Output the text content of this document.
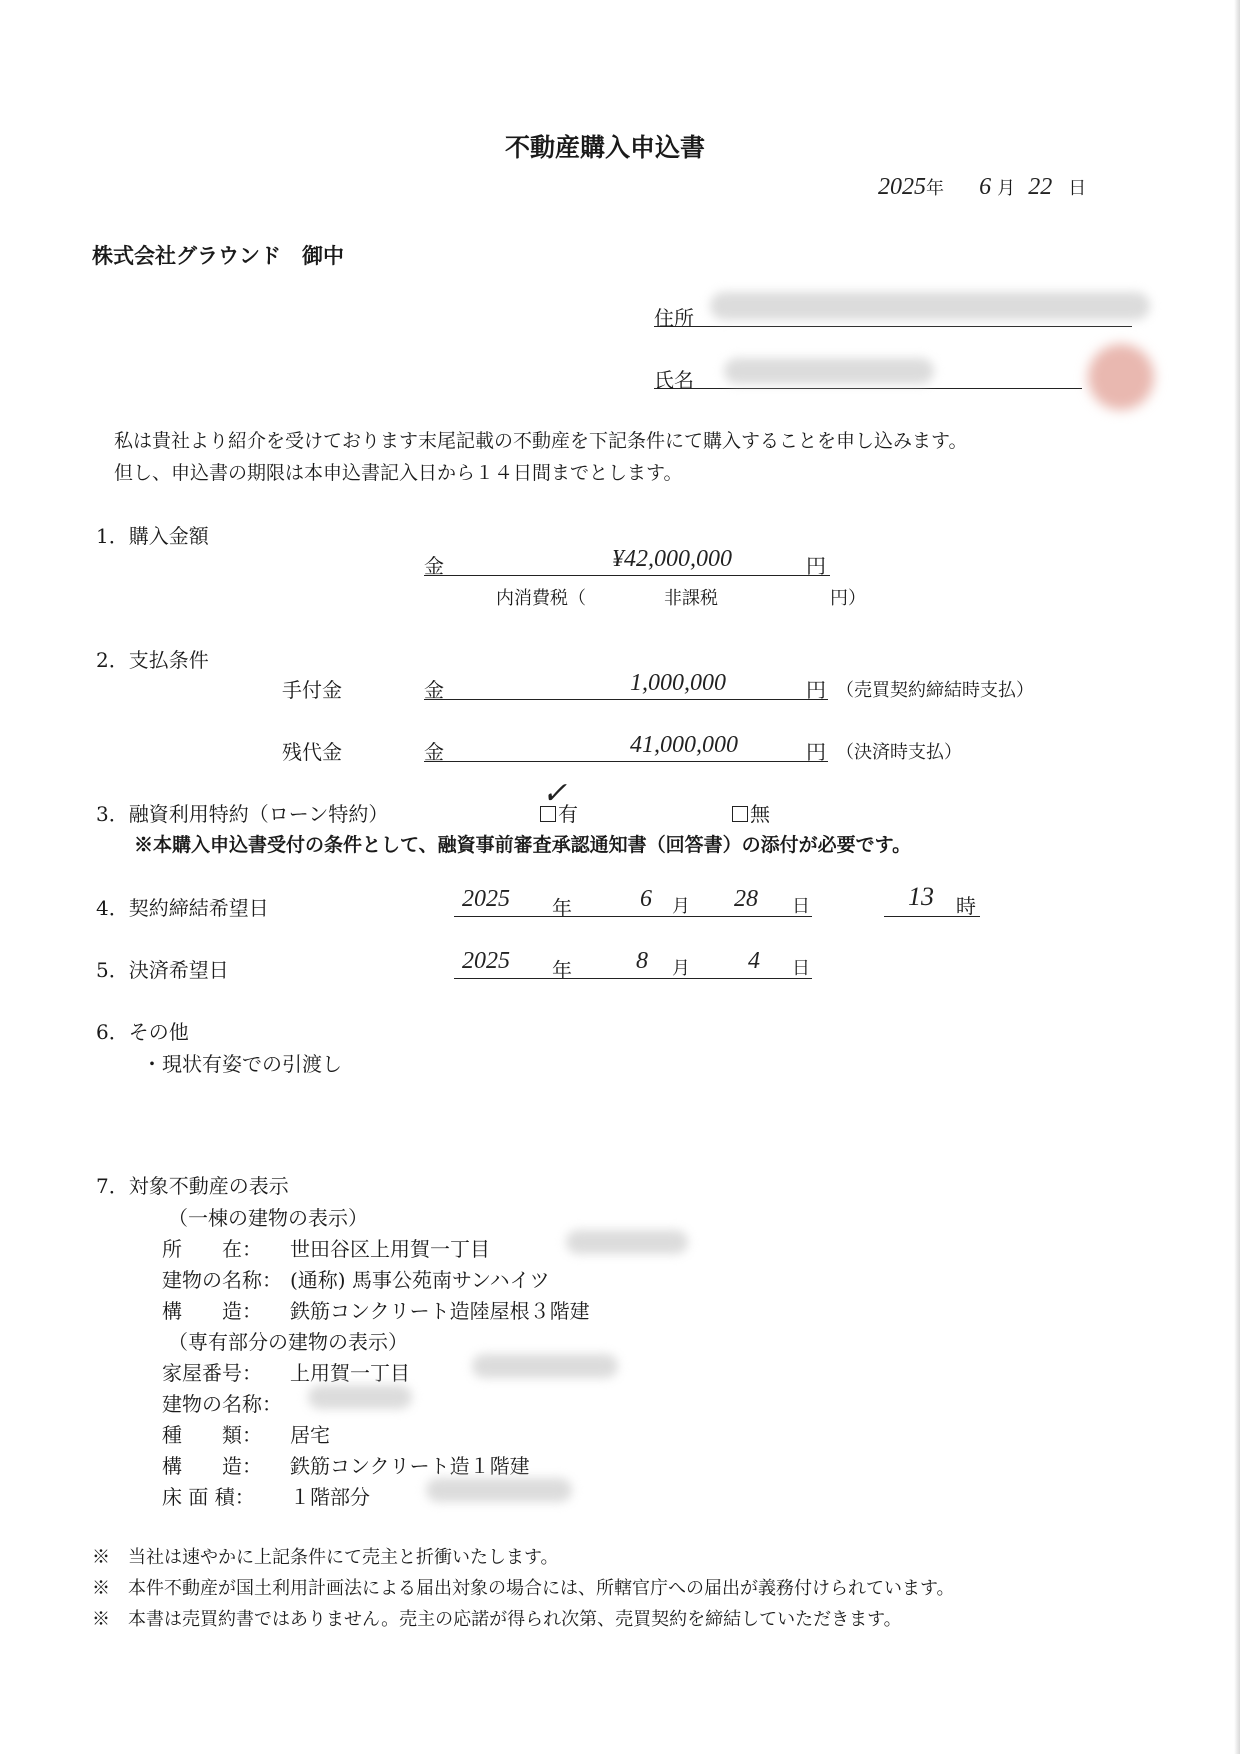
不動産購入申込書
2025年 6 月 22 日
株式会社グラウンド　御中
住所
氏名
私は貴社より紹介を受けております末尾記載の不動産を下記条件にて購入することを申し込みます。
但し、申込書の期限は本申込書記入日から１４日間までとします。
1．購入金額
金	¥42,000,000	円
内消費税（	非課税	円）
2．支払条件
手付金	金	1,000,000	円 （売買契約締結時支払）
残代金	金	41,000,000	円 （決済時支払）
3．融資利用特約（ローン特約）	有
✓
無
※本購入申込書受付の条件として、融資事前審査承認通知書（回答書）の添付が必要です。
4．契約締結希望日	2025 年	6 月 28 日	13 時
5．決済希望日	2025 年	8 月 4 日
6．その他
・現状有姿での引渡し
7．対象不動産の表示
（一棟の建物の表示）
所　　在： 世田谷区上用賀一丁目
建物の名称： (通称) 馬事公苑南サンハイツ
構　　造： 鉄筋コンクリート造陸屋根３階建
（専有部分の建物の表示）
家屋番号： 上用賀一丁目
建物の名称：
種　　類： 居宅
構　　造： 鉄筋コンクリート造１階建
床 面 積： １階部分
※　当社は速やかに上記条件にて売主と折衝いたします。
※　本件不動産が国土利用計画法による届出対象の場合には、所轄官庁への届出が義務付けられています。
※　本書は売買約書ではありません。売主の応諾が得られ次第、売買契約を締結していただきます。
